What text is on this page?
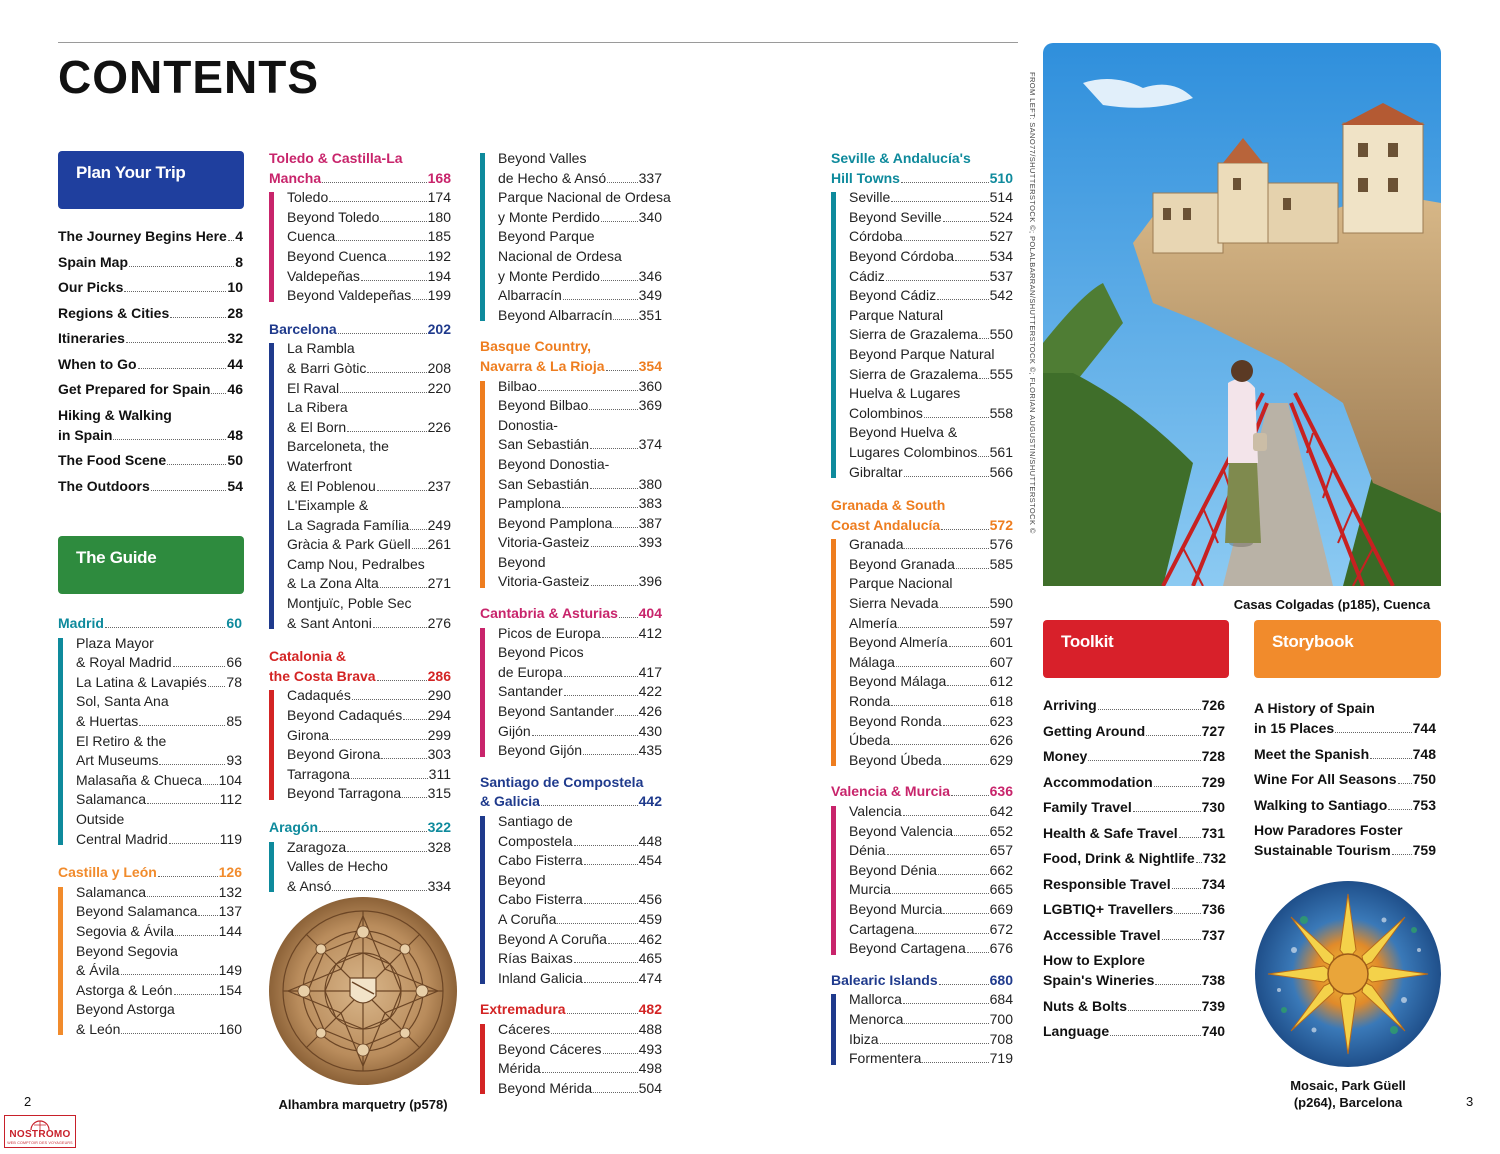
CONTENTS
Plan Your Trip
The Journey Begins Here 4
Spain Map	8
Our Picks	10
Regions & Cities	28
Itineraries	32
When to Go	44
Get Prepared for Spain 46
Hiking & Walking
in Spain	48
The Food Scene	50
The Outdoors	54
The Guide
Madrid	60
Plaza Mayor
& Royal Madrid	66
La Latina & Lavapiés 78
Sol, Santa Ana
& Huertas	85
El Retiro & the
Art Museums	93
Malasaña & Chueca 104
Salamanca	112
Outside
Central Madrid	119
Castilla y León	126
Salamanca	132
Beyond Salamanca 137
Segovia & Ávila	144
Beyond Segovia
& Ávila	149
Astorga & León	154
Beyond Astorga
& León	160
Toledo & Castilla-La
Mancha	168
Toledo	174
Beyond Toledo	180
Cuenca	185
Beyond Cuenca	192
Valdepeñas	194
Beyond Valdepeñas 199
Barcelona	202
La Rambla
& Barri Gòtic	208
El Raval	220
La Ribera
& El Born	226
Barceloneta, the
Waterfront
& El Poblenou	237
L'Eixample &
La Sagrada Família 249
Gràcia & Park Güell 261
Camp Nou, Pedralbes
& La Zona Alta	271
Montjuïc, Poble Sec
& Sant Antoni	276
Catalonia &
the Costa Brava	286
Cadaqués	290
Beyond Cadaqués 294
Girona	299
Beyond Girona	303
Tarragona	311
Beyond Tarragona 315
Aragón	322
Zaragoza	328
Valles de Hecho
& Ansó	334
Beyond Valles
de Hecho & Ansó 337
Parque Nacional de Ordesa
y Monte Perdido	340
Beyond Parque
Nacional de Ordesa
y Monte Perdido	346
Albarracín	349
Beyond Albarracín 351
Basque Country,
Navarra & La Rioja 354
Bilbao	360
Beyond Bilbao	369
Donostia-
San Sebastián	374
Beyond Donostia-
San Sebastián	380
Pamplona	383
Beyond Pamplona 387
Vitoria-Gasteiz	393
Beyond
Vitoria-Gasteiz	396
Cantabria & Asturias 404
Picos de Europa	412
Beyond Picos
de Europa	417
Santander	422
Beyond Santander 426
Gijón	430
Beyond Gijón	435
Santiago de Compostela
& Galicia	442
Santiago de
Compostela	448
Cabo Fisterra	454
Beyond
Cabo Fisterra	456
A Coruña	459
Beyond A Coruña 462
Rías Baixas	465
Inland Galicia	474
Extremadura	482
Cáceres	488
Beyond Cáceres	493
Mérida	498
Beyond Mérida	504
Seville & Andalucía's
Hill Towns	510
Seville	514
Beyond Seville	524
Córdoba	527
Beyond Córdoba	534
Cádiz	537
Beyond Cádiz	542
Parque Natural
Sierra de Grazalema 550
Beyond Parque Natural
Sierra de Grazalema 555
Huelva & Lugares
Colombinos	558
Beyond Huelva &
Lugares Colombinos 561
Gibraltar	566
Granada & South
Coast Andalucía	572
Granada	576
Beyond Granada 585
Parque Nacional
Sierra Nevada	590
Almería	597
Beyond Almería	601
Málaga	607
Beyond Málaga	612
Ronda	618
Beyond Ronda	623
Úbeda	626
Beyond Úbeda	629
Valencia & Murcia	636
Valencia	642
Beyond Valencia	652
Dénia	657
Beyond Dénia	662
Murcia	665
Beyond Murcia	669
Cartagena	672
Beyond Cartagena 676
Balearic Islands	680
Mallorca	684
Menorca	700
Ibiza	708
Formentera	719
Alhambra marquetry (p578)
Casas Colgadas (p185), Cuenca
FROM LEFT: SANO77/SHUTTERSTOCK ©; POLALBARRAN/SHUTTERSTOCK ©; FLORIAN AUGUSTIN/SHUTTERSTOCK ©
Toolkit	Storybook
Arriving	726
Getting Around	727
Money	728
Accommodation	729
Family Travel	730
Health & Safe Travel 731
Food, Drink & Nightlife 732
Responsible Travel 734
LGBTIQ+ Travellers 736
Accessible Travel	737
How to Explore
Spain's Wineries	738
Nuts & Bolts	739
Language	740
A History of Spain
in 15 Places	744
Meet the Spanish	748
Wine For All Seasons 750
Walking to Santiago 753
How Paradores Foster
Sustainable Tourism 759
Mosaic, Park Güell
(p264), Barcelona
2	3
NOSTROMO
WEB COMPTOIR DES VOYAGEURS
